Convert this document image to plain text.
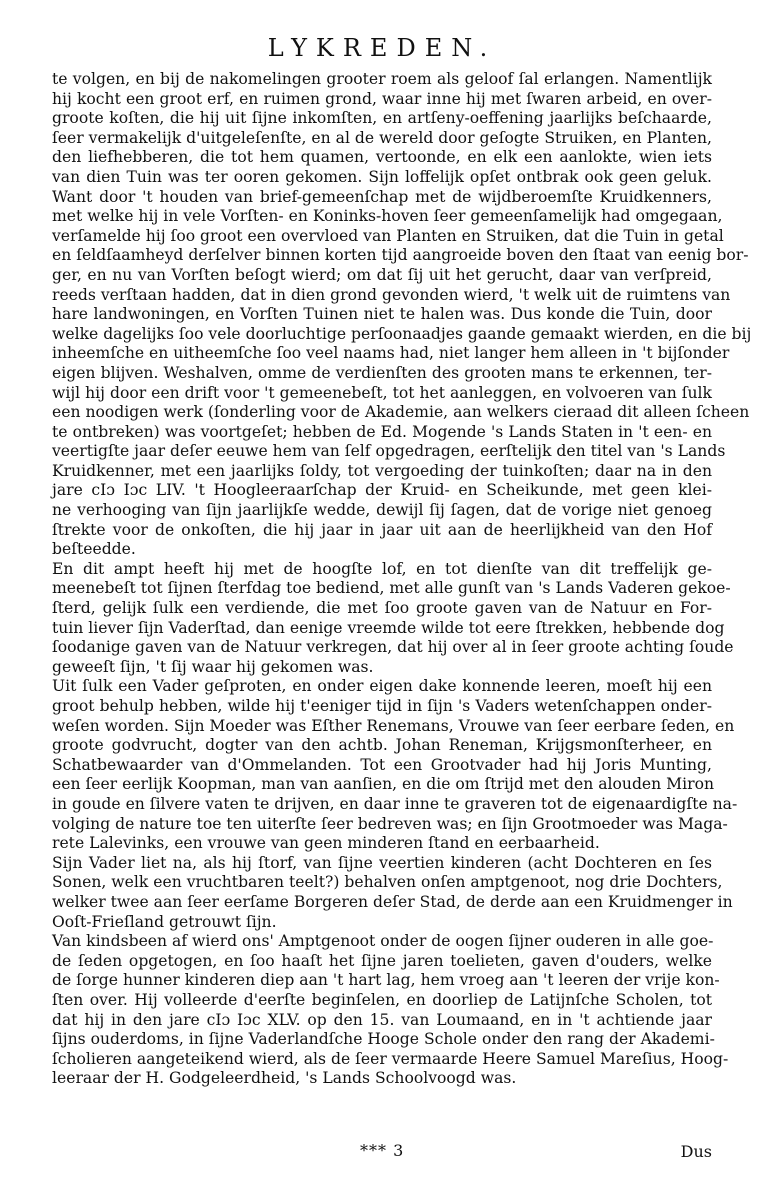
LYKREDEN.
te volgen, en bij de nakomelingen grooter roem als geloof ſal erlangen. Namentlijk
hij kocht een groot erf, en ruimen grond, waar inne hij met ſwaren arbeid, en over-
groote koſten, die hij uit ſijne inkomſten, en artſeny-oeffening jaarlijks beſchaarde,
ſeer vermakelijk d'uitgeleſenſte, en al de wereld door geſogte Struiken, en Planten,
den liefhebberen, die tot hem quamen, vertoonde, en elk een aanlokte, wien iets
van dien Tuin was ter ooren gekomen. Sijn loffelijk opſet ontbrak ook geen geluk.
Want door 't houden van brief-gemeenſchap met de wijdberoemſte Kruidkenners,
met welke hij in vele Vorſten- en Koninks-hoven ſeer gemeenſamelijk had omgegaan,
verſamelde hij ſoo groot een overvloed van Planten en Struiken, dat die Tuin in getal
en ſeldſaamheyd derſelver binnen korten tijd aangroeide boven den ſtaat van eenig bor-
ger, en nu van Vorſten beſogt wierd; om dat ſij uit het gerucht, daar van verſpreid,
reeds verſtaan hadden, dat in dien grond gevonden wierd, 't welk uit de ruimtens van
hare landwoningen, en Vorſten Tuinen niet te halen was. Dus konde die Tuin, door
welke dagelijks ſoo vele doorluchtige perſoonaadjes gaande gemaakt wierden, en die bij
inheemſche en uitheemſche ſoo veel naams had, niet langer hem alleen in 't bijſonder
eigen blijven. Weshalven, omme de verdienſten des grooten mans te erkennen, ter-
wijl hij door een drift voor 't gemeenebeſt, tot het aanleggen, en volvoeren van ſulk
een noodigen werk (ſonderling voor de Akademie, aan welkers cieraad dit alleen ſcheen
te ontbreken) was voortgeſet; hebben de Ed. Mogende 's Lands Staten in 't een- en
veertigſte jaar deſer eeuwe hem van ſelf opgedragen, eerſtelijk den titel van 's Lands
Kruidkenner, met een jaarlijks ſoldy, tot vergoeding der tuinkoſten; daar na in den
jare cIɔ Iɔc LIV. 't Hoogleeraarſchap der Kruid- en Scheikunde, met geen klei-
ne verhooging van ſijn jaarlijkſe wedde, dewijl ſij ſagen, dat de vorige niet genoeg
ſtrekte voor de onkoſten, die hij jaar in jaar uit aan de heerlijkheid van den Hof
beſteedde.
En dit ampt heeft hij met de hoogſte lof, en tot dienſte van dit treffelijk ge-
meenebeſt tot ſijnen ſterfdag toe bediend, met alle gunſt van 's Lands Vaderen gekoe-
ſterd, gelijk ſulk een verdiende, die met ſoo groote gaven van de Natuur en For-
tuin liever ſijn Vaderſtad, dan eenige vreemde wilde tot eere ſtrekken, hebbende dog
ſoodanige gaven van de Natuur verkregen, dat hij over al in ſeer groote achting ſoude
geweeſt ſijn, 't ſij waar hij gekomen was.
Uit ſulk een Vader geſproten, en onder eigen dake konnende leeren, moeſt hij een
groot behulp hebben, wilde hij t'eeniger tijd in ſijn 's Vaders wetenſchappen onder-
weſen worden. Sijn Moeder was Eſther Renemans, Vrouwe van ſeer eerbare ſeden, en
groote godvrucht, dogter van den achtb. Johan Reneman, Krijgsmonſterheer, en
Schatbewaarder van d'Ommelanden. Tot een Grootvader had hij Joris Munting,
een ſeer eerlijk Koopman, man van aanſien, en die om ſtrijd met den alouden Miron
in goude en ſilvere vaten te drijven, en daar inne te graveren tot de eigenaardigſte na-
volging de nature toe ten uiterſte ſeer bedreven was; en ſijn Grootmoeder was Maga-
rete Lalevinks, een vrouwe van geen minderen ſtand en eerbaarheid.
Sijn Vader liet na, als hij ſtorf, van ſijne veertien kinderen (acht Dochteren en ſes
Sonen, welk een vruchtbaren teelt?) behalven onſen amptgenoot, nog drie Dochters,
welker twee aan ſeer eerſame Borgeren deſer Stad, de derde aan een Kruidmenger in
Ooſt-Frieſland getrouwt ſijn.
Van kindsbeen af wierd ons' Amptgenoot onder de oogen ſijner ouderen in alle goe-
de ſeden opgetogen, en ſoo haaſt het ſijne jaren toelieten, gaven d'ouders, welke
de ſorge hunner kinderen diep aan 't hart lag, hem vroeg aan 't leeren der vrije kon-
ſten over. Hij volleerde d'eerſte beginſelen, en doorliep de Latijnſche Scholen, tot
dat hij in den jare cIɔ Iɔc XLV. op den 15. van Loumaand, en in 't achtiende jaar
ſijns ouderdoms, in ſijne Vaderlandſche Hooge Schole onder den rang der Akademi-
ſcholieren aangeteikend wierd, als de ſeer vermaarde Heere Samuel Mareſius, Hoog-
leeraar der H. Godgeleerdheid, 's Lands Schoolvoogd was.
*** 3	Dus
